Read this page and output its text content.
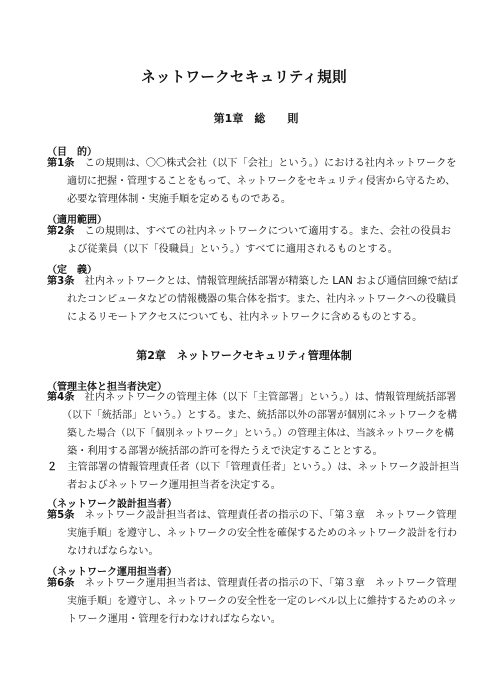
ネットワークセキュリティ規則
第1章　総　　則
（目　的）
第1条　 この規則は、〇〇株式会社（以下「会社」という。）における社内ネットワークを
適切に把握・管理することをもって、ネットワークをセキュリティ侵害から守るため、
必要な管理体制・実施手順を定めるものである。
（適用範囲）
第2条　 この規則は、すべての社内ネットワークについて適用する。また、会社の役員お
よび従業員（以下「役職員」という。）すべてに適用されるものとする。
（定　義）
第3条　 社内ネットワークとは、情報管理統括部署が精築した LAN および通信回線で結ば
れたコンピュータなどの情報機器の集合体を指す。また、社内ネットワークへの役職員
によるリモートアクセスについても、社内ネットワークに含めるものとする。
第2章　ネットワークセキュリティ管理体制
（管理主体と担当者決定）
第4条　 社内ネットワークの管理主体（以下「主管部署」という。）は、情報管理統括部署
（以下「統括部」という。）とする。また、統括部以外の部署が個別にネットワークを構
築した場合（以下「個別ネットワーク」という。）の管理主体は、当該ネットワークを構
築・利用する部署が統括部の許可を得たうえで決定することとする。
２　 主管部署の情報管理責任者（以下「管理責任者」という。）は、ネットワーク設計担当
者およびネットワーク運用担当者を決定する。
（ネットワーク設計担当者）
第5条　 ネットワーク設計担当者は、管理責任者の指示の下、「第３章　ネットワーク管理
実施手順」を遵守し、ネットワークの安全性を確保するためのネットワーク設計を行わ
なければならない。
（ネットワーク運用担当者）
第6条　 ネットワーク運用担当者は、管理責任者の指示の下、「第３章　ネットワーク管理
実施手順」を遵守し、ネットワークの安全性を一定のレベル以上に維持するためのネッ
トワーク運用・管理を行わなければならない。
